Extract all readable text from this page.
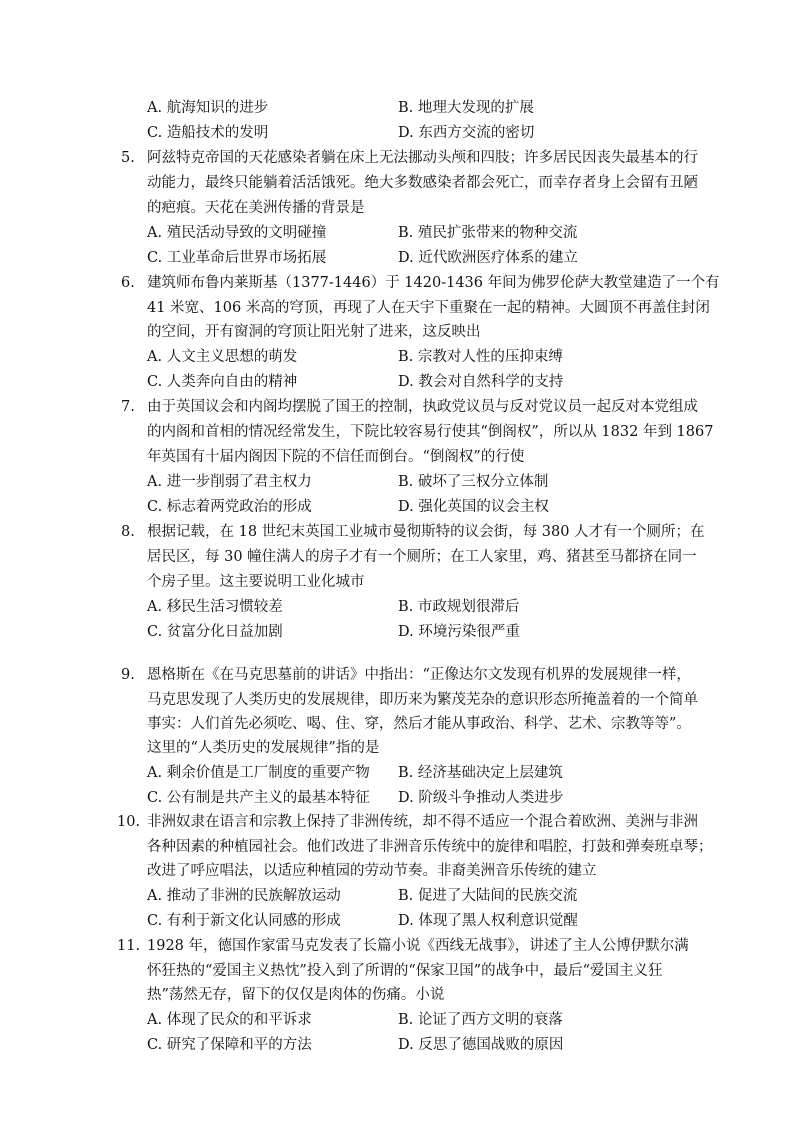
A. 航海知识的进步	B. 地理大发现的扩展
C. 造船技术的发明	D. 东西方交流的密切
5. 阿兹特克帝国的天花感染者躺在床上无法挪动头颅和四肢；许多居民因丧失最基本的行
动能力，最终只能躺着活活饿死。绝大多数感染者都会死亡，而幸存者身上会留有丑陋
的疤痕。天花在美洲传播的背景是
A. 殖民活动导致的文明碰撞	B. 殖民扩张带来的物种交流
C. 工业革命后世界市场拓展	D. 近代欧洲医疗体系的建立
6. 建筑师布鲁内莱斯基（1377-1446）于 1420-1436 年间为佛罗伦萨大教堂建造了一个有
41 米宽、106 米高的穹顶，再现了人在天宇下重聚在一起的精神。大圆顶不再盖住封闭
的空间，开有窗洞的穹顶让阳光射了进来，这反映出
A. 人文主义思想的萌发	B. 宗教对人性的压抑束缚
C. 人类奔向自由的精神	D. 教会对自然科学的支持
7. 由于英国议会和内阁均摆脱了国王的控制，执政党议员与反对党议员一起反对本党组成
的内阁和首相的情况经常发生，下院比较容易行使其“倒阁权”，所以从 1832 年到 1867
年英国有十届内阁因下院的不信任而倒台。“倒阁权”的行使
A. 进一步削弱了君主权力	B. 破坏了三权分立体制
C. 标志着两党政治的形成	D. 强化英国的议会主权
8. 根据记载，在 18 世纪末英国工业城市曼彻斯特的议会街，每 380 人才有一个厕所；在
居民区，每 30 幢住满人的房子才有一个厕所；在工人家里，鸡、猪甚至马都挤在同一
个房子里。这主要说明工业化城市
A. 移民生活习惯较差	B. 市政规划很滞后
C. 贫富分化日益加剧	D. 环境污染很严重
9. 恩格斯在《在马克思墓前的讲话》中指出：“正像达尔文发现有机界的发展规律一样，
马克思发现了人类历史的发展规律，即历来为繁茂芜杂的意识形态所掩盖着的一个简单
事实：人们首先必须吃、喝、住、穿，然后才能从事政治、科学、艺术、宗教等等”。
这里的“人类历史的发展规律”指的是
A. 剩余价值是工厂制度的重要产物 B. 经济基础决定上层建筑
C. 公有制是共产主义的最基本特征 D. 阶级斗争推动人类进步
10. 非洲奴隶在语言和宗教上保持了非洲传统，却不得不适应一个混合着欧洲、美洲与非洲
各种因素的种植园社会。他们改进了非洲音乐传统中的旋律和唱腔，打鼓和弹奏班卓琴；
改进了呼应唱法，以适应种植园的劳动节奏。非裔美洲音乐传统的建立
A. 推动了非洲的民族解放运动	B. 促进了大陆间的民族交流
C. 有利于新文化认同感的形成	D. 体现了黑人权利意识觉醒
11. 1928 年，德国作家雷马克发表了长篇小说《西线无战事》，讲述了主人公博伊默尔满
怀狂热的“爱国主义热忱”投入到了所谓的“保家卫国”的战争中，最后“爱国主义狂
热”荡然无存，留下的仅仅是肉体的伤痛。小说
A. 体现了民众的和平诉求	B. 论证了西方文明的衰落
C. 研究了保障和平的方法	D. 反思了德国战败的原因
